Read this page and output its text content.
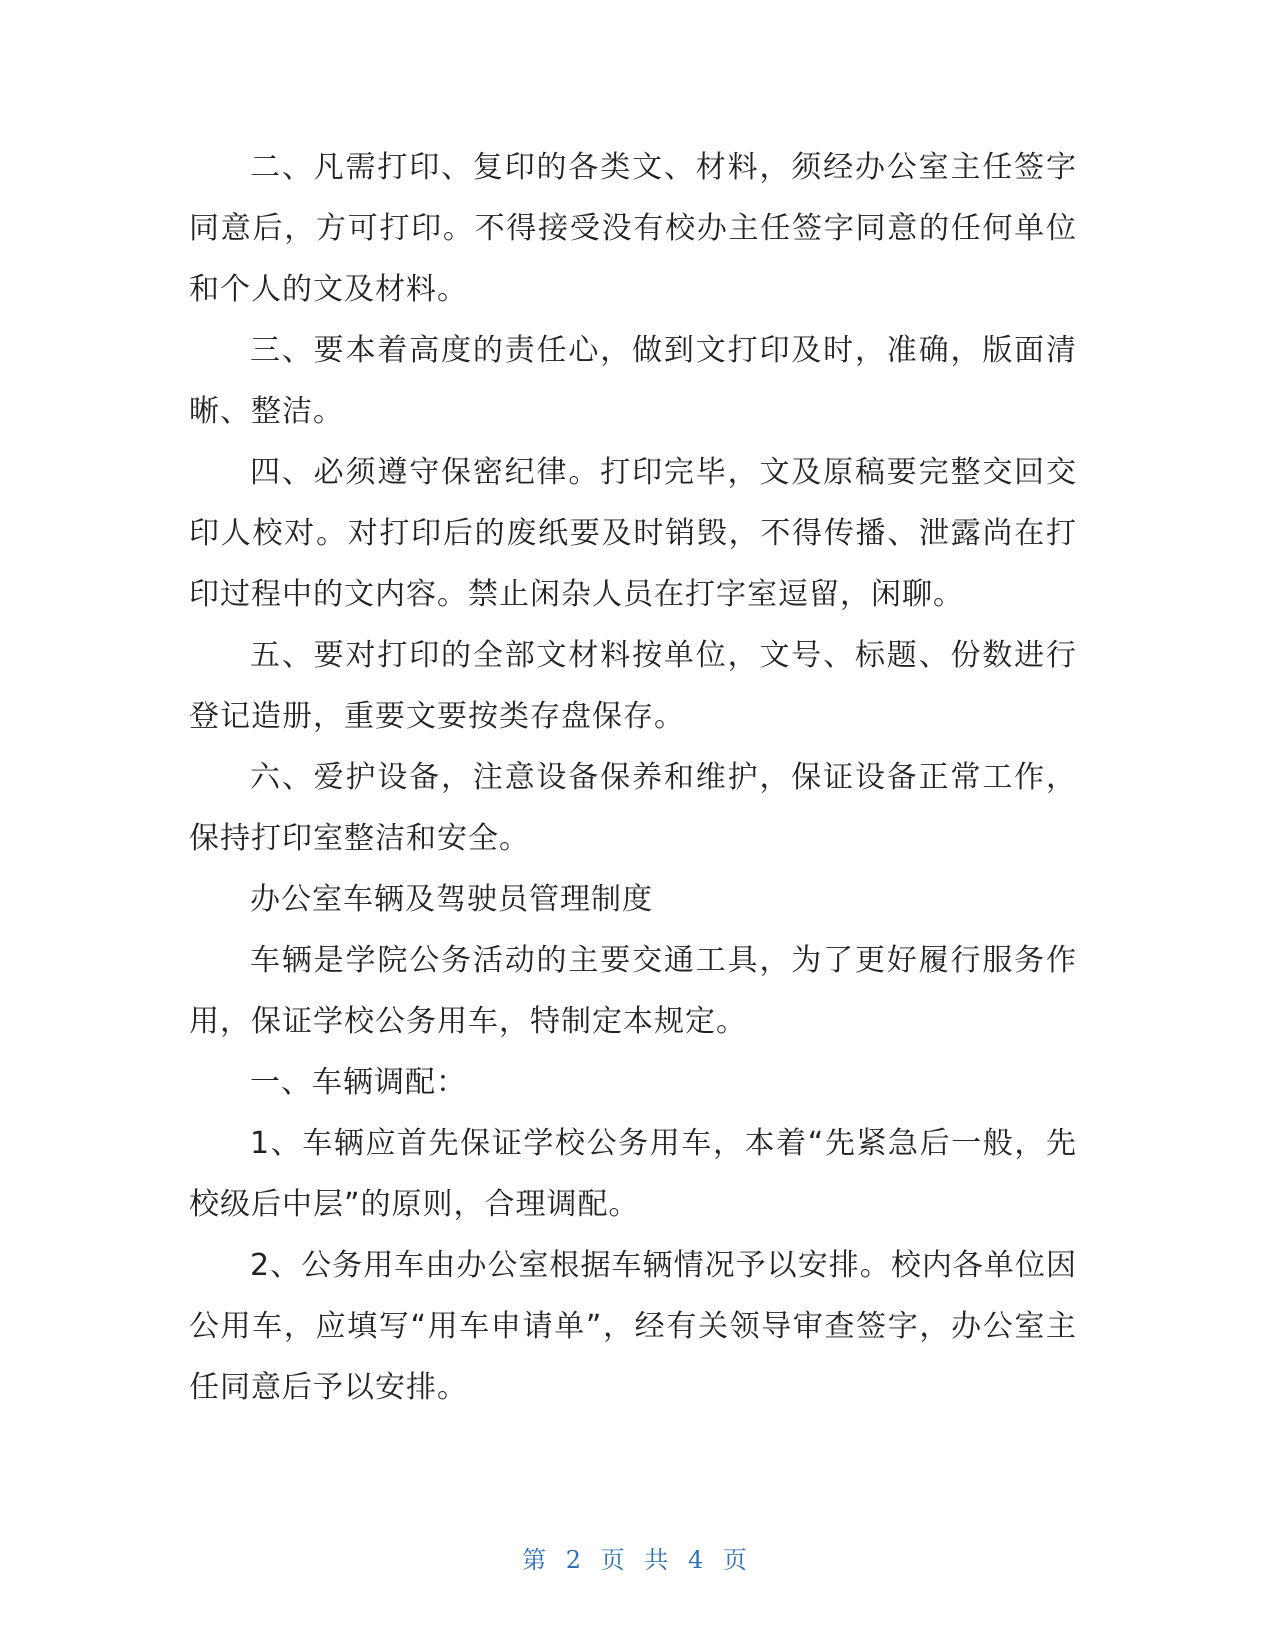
二、凡需打印、复印的各类文、材料，须经办公室主任签字同意后，方可打印。不得接受没有校办主任签字同意的任何单位和个人的文及材料。

三、要本着高度的责任心，做到文打印及时，准确，版面清晰、整洁。

四、必须遵守保密纪律。打印完毕，文及原稿要完整交回交印人校对。对打印后的废纸要及时销毁，不得传播、泄露尚在打印过程中的文内容。禁止闲杂人员在打字室逗留，闲聊。

五、要对打印的全部文材料按单位，文号、标题、份数进行登记造册，重要文要按类存盘保存。

六、爱护设备，注意设备保养和维护，保证设备正常工作，保持打印室整洁和安全。

办公室车辆及驾驶员管理制度

车辆是学院公务活动的主要交通工具，为了更好履行服务作用，保证学校公务用车，特制定本规定。

一、车辆调配：

1、车辆应首先保证学校公务用车，本着“先紧急后一般，先校级后中层”的原则，合理调配。

2、公务用车由办公室根据车辆情况予以安排。校内各单位因公用车，应填写“用车申请单”，经有关领导审查签字，办公室主任同意后予以安排。

第 2 页 共 4 页
